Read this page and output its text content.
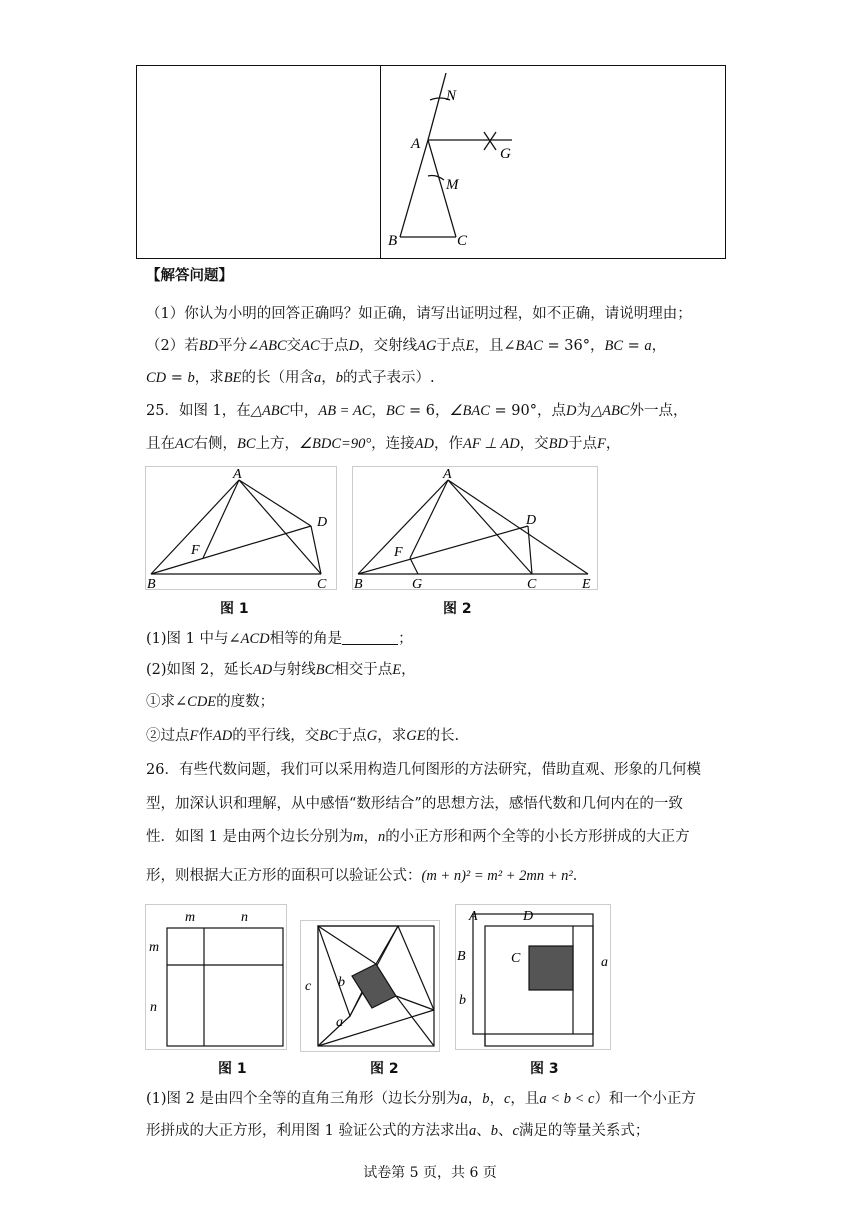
N
A
G
M
B	C
【解答问题】
（1）你认为小明的回答正确吗？如正确，请写出证明过程，如不正确，请说明理由；
（2）若BD平分∠ABC交AC于点D，交射线AG于点E，且∠BAC = 36°，BC = a，
CD = b，求BE的长（用含a，b的式子表示）.
25．如图 1，在△ABC中，AB = AC，BC = 6，∠BAC = 90°，点D为△ABC外一点，
且在AC右侧，BC上方，∠BDC=90°，连接AD，作AF ⊥ AD，交BD于点F，
A
D
F
B	C
A
D
F
B	G	C	E
图 1	图 2
(1)图 1 中与∠ACD相等的角是	；
(2)如图 2，延长AD与射线BC相交于点E，
①求∠CDE的度数；
②过点F作AD的平行线，交BC于点G，求GE的长.
26．有些代数问题，我们可以采用构造几何图形的方法研究，借助直观、形象的几何模
型，加深认识和理解，从中感悟“数形结合”的思想方法，感悟代数和几何内在的一致
性．如图 1 是由两个边长分别为m，n的小正方形和两个全等的小长方形拼成的大正方
形，则根据大正方形的面积可以验证公式：(m + n)² = m² + 2mn + n²．
m	n
m
n
c b
a
A	D
B	C	a
b
图 1	图 2	图 3
(1)图 2 是由四个全等的直角三角形（边长分别为a，b，c，且a < b < c）和一个小正方
形拼成的大正方形，利用图 1 验证公式的方法求出a、b、c满足的等量关系式；
试卷第 5 页，共 6 页
